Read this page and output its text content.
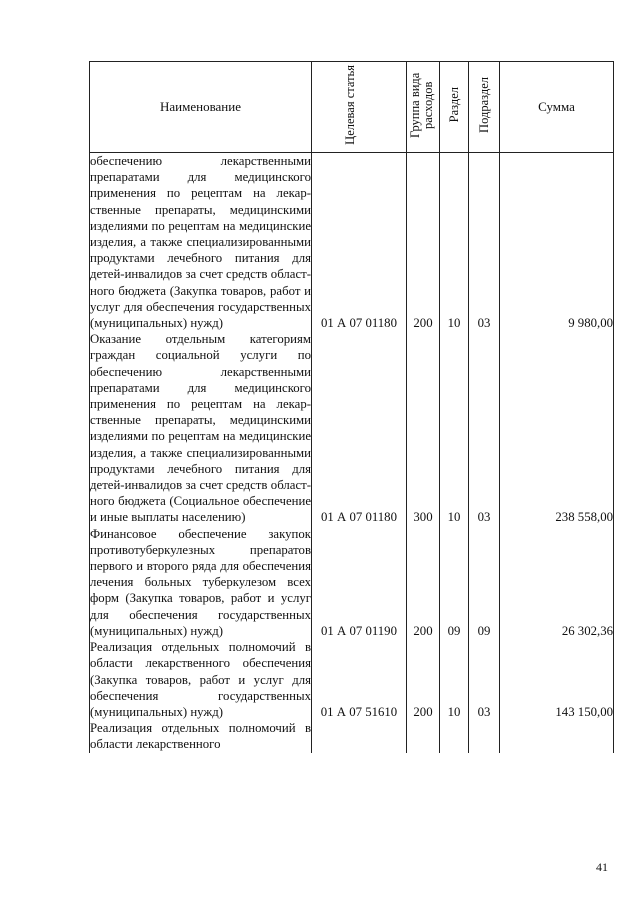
Наименование	Целевая статья	Группа вида расходов	Раздел	Подраздел	Сумма
обеспечению лекарственными препаратами для медицинского применения по рецептам на лекарственные препараты, медицинскими изделиями по рецептам на медицинские изделия, а также специализированными продуктами лечебного питания для детей-инвалидов за счет средств областного бюджета (Закупка товаров, работ и услуг для обеспечения государственных (муниципальных) нужд)	01 А 07 01180	200	10	03	9 980,00
Оказание отдельным категориям граждан социальной услуги по обеспечению лекарственными препаратами для медицинского применения по рецептам на лекарственные препараты, медицинскими изделиями по рецептам на медицинские изделия, а также специализированными продуктами лечебного питания для детей-инвалидов за счет средств областного бюджета (Социальное обеспечение и иные выплаты населению)	01 А 07 01180	300	10	03	238 558,00
Финансовое обеспечение закупок противотуберкулезных препаратов первого и второго ряда для обеспечения лечения больных туберкулезом всех форм (Закупка товаров, работ и услуг для обеспечения государственных (муниципальных) нужд)	01 А 07 01190	200	09	09	26 302,36
Реализация отдельных полномочий в области лекарственного обеспечения (Закупка товаров, работ и услуг для обеспечения государственных (муниципальных) нужд)	01 А 07 51610	200	10	03	143 150,00
Реализация отдельных полномочий в области лекарственного					
41
